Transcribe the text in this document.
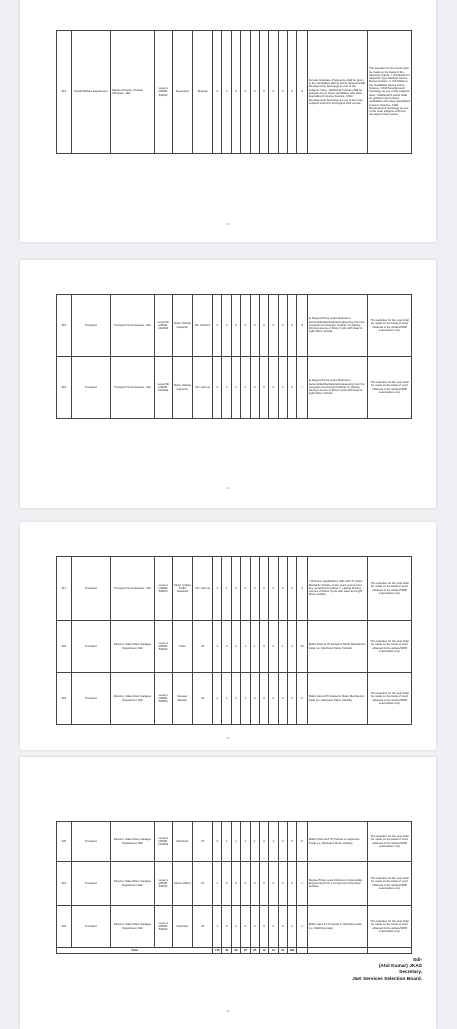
314	Social Welfare Department	Mission Director, Poshan Abhiyaan, J&K	Level-4 (25500-81100)	Supervisor	Shopian	2	1	0	0	0	0	0	0	0	3	Female Graduate. Preference shall be given to the candidates having Home Science/Child Development/ Sociology as one of the subjects. Note:- Additional 5 points shall be granted only to those candidates who have specialized in Home Science, Child Development/ Sociology as one of the main subjects uniformly throughout their course.	The selection for the posts shall be made on the basis of the following criteria: I. OS-Marks for Objective Type Multiple Choice Reconnections. II. OS-Marks to the candidates having Home Science, Child Development/ Sociology as one of the subjects. Note:- Additional 5 points shall be granted only to those candidates who have specialized in Home Science, Child Development/ Sociology as one of the main subjects uniformly throughout their course.
28
315	Transport	Transport Commissioner, J&K	Level-5D (29200-112200)	Motor Vehicle Inspector	Div. Kashmir	2	1	0	0	0	0	0	0	0	3	a) Degree/Three years Diploma in Automobile/Mechanical Engineering from the recognized University/ Institute. b) Having Driving Licence of Motor Cycle with Gear & Light Motor Vehicle.	The selection for the post shall be made on the basis of merit obtained in the written/OMR examination only.
316	Transport	Transport Commissioner, J&K	Level-5D (29200-112200)	Motor Vehicle Inspector	Div. Jammu	3	1	1	1	0	0	0	1	0	7	a) Degree/Three years Diploma in Automobile/Mechanical Engineering from the recognized University/Institute. b) Having Driving Licence of Motor Cycle with Gear & Light Motor Vehicle.	The selection for the post shall be made on the basis of merit obtained in the written/OMR examination only.
29
317	Transport	Transport Commissioner, J&K	Level-2 (19900-63200)	Motor vehicle Traffic Assistant	Div. Jammu	3	1	0	0	0	0	0	0	0	4	i. Minimum qualification 10th with ITI, Motor Mechanic Vehicle of two years course from any recognized institute. ii. Having Driving Licence of Motor Cycle with Gear and Light Motor Vehicle.	The selection for the post shall be made on the basis of merit obtained in the written/OMR examination only.
318	Transport	Director, State Motor Garages Department J&K	Level-4 (25500-81100)	Fitter	UT	4	3	1	1	1	0	0	1	1	16	Matric Pass & ITI trained in Motor Mechanism trade (i.e. Mechanic Motor Vehicle)	The selection for the post shall be made on the basis of merit obtained in the written/OMR examination only.
319	Transport	Director, State Motor Garages Department J&K	Level-2 (19900-63200)	Greaser Washer	UT	2	1	1	1	0	0	0	0	0	6	Matric pass &ITI trained in Motor Mechanism trade (i.e. Mechanic Motor Vehicle)	The selection for the post shall be made on the basis of merit obtained in the written/OMR examination only.
30
320	Transport	Director, State Motor Garages Department J&K	Level-6 (35400-113400)	Mechanic	UT	3	1	1	1	1	0	1	0	0	8	Matric Pass and ITI Trained in respective Trade (i.e. Mechanic Motor vehicle)	The selection for the post shall be made on the basis of merit obtained in the written/OMR examination only.
321	Transport	Director, State Motor Garages Department J&K	Level-4 (25500-81100)	Stores Officer	UT	1	0	0	0	0	0	0	0	0	1	Degree/Three years Diploma in Automobile Engineering from a recognized University/ Institute	The selection for the post shall be made on the basis of merit obtained in the written/OMR examination only.
322	Transport	Director, State Motor Garages Department J&K	Level-4 (25500-81100)	Upholster	UT	1	0	0	0	0	0	0	0	0	1	Matric pass & ITI trained in Upholster trade (i.e. Stitching trade)	The selection for the post shall be made on the basis of merit obtained in the written/OMR examination only.
Total						176	49	38	35	25	12	21	24	390			
31
Sd/-
(Atul Kumar) JKAS
Secretary,
J&K Services Selection Board.
